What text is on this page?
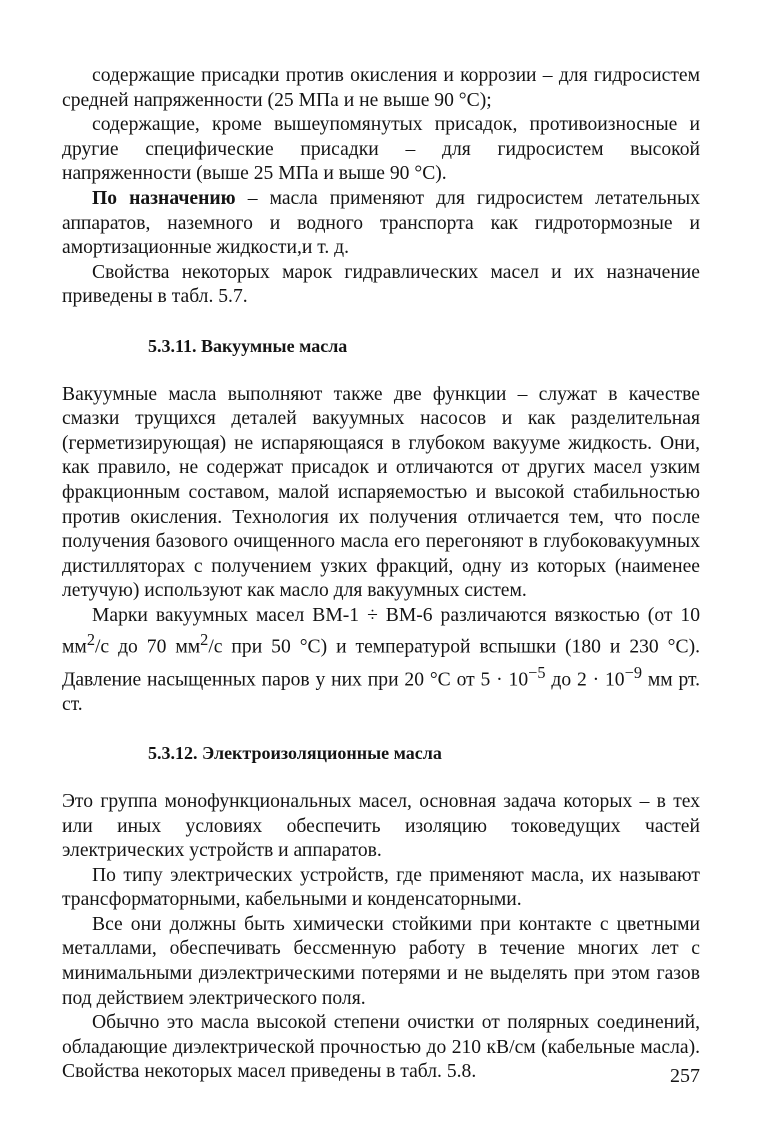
содержащие присадки против окисления и коррозии – для гидросистем средней напряженности (25 МПа и не выше 90 °С);

содержащие, кроме вышеупомянутых присадок, противоизносные и другие специфические присадки – для гидросистем высокой напряженности (выше 25 МПа и выше 90 °С).

По назначению – масла применяют для гидросистем летательных аппаратов, наземного и водного транспорта как гидротормозные и амортизационные жидкости,и т. д.

Свойства некоторых марок гидравлических масел и их назначение приведены в табл. 5.7.

5.3.11. Вакуумные масла

Вакуумные масла выполняют также две функции – служат в качестве смазки трущихся деталей вакуумных насосов и как разделительная (герметизирующая) не испаряющаяся в глубоком вакууме жидкость. Они, как правило, не содержат присадок и отличаются от других масел узким фракционным составом, малой испаряемостью и высокой стабильностью против окисления. Технология их получения отличается тем, что после получения базового очищенного масла его перегоняют в глубоковакуумных дистилляторах с получением узких фракций, одну из которых (наименее летучую) используют как масло для вакуумных систем.

Марки вакуумных масел ВМ-1 ÷ ВМ-6 различаются вязкостью (от 10 $мм^2/с$ до 70 $мм^2/с$ при 50 °С) и температурой вспышки (180 и 230 °С). Давление насыщенных паров у них при 20 °С от $5 \cdot 10^{-5}$ до $2 \cdot 10^{-9}$ мм рт. ст.

5.3.12. Электроизоляционные масла

Это группа монофункциональных масел, основная задача которых – в тех или иных условиях обеспечить изоляцию токоведущих частей электрических устройств и аппаратов.

По типу электрических устройств, где применяют масла, их называют трансформаторными, кабельными и конденсаторными.

Все они должны быть химически стойкими при контакте с цветными металлами, обеспечивать бессменную работу в течение многих лет с минимальными диэлектрическими потерями и не выделять при этом газов под действием электрического поля.

Обычно это масла высокой степени очистки от полярных соединений, обладающие диэлектрической прочностью до 210 кВ/см (кабельные масла). Свойства некоторых масел приведены в табл. 5.8.	257
